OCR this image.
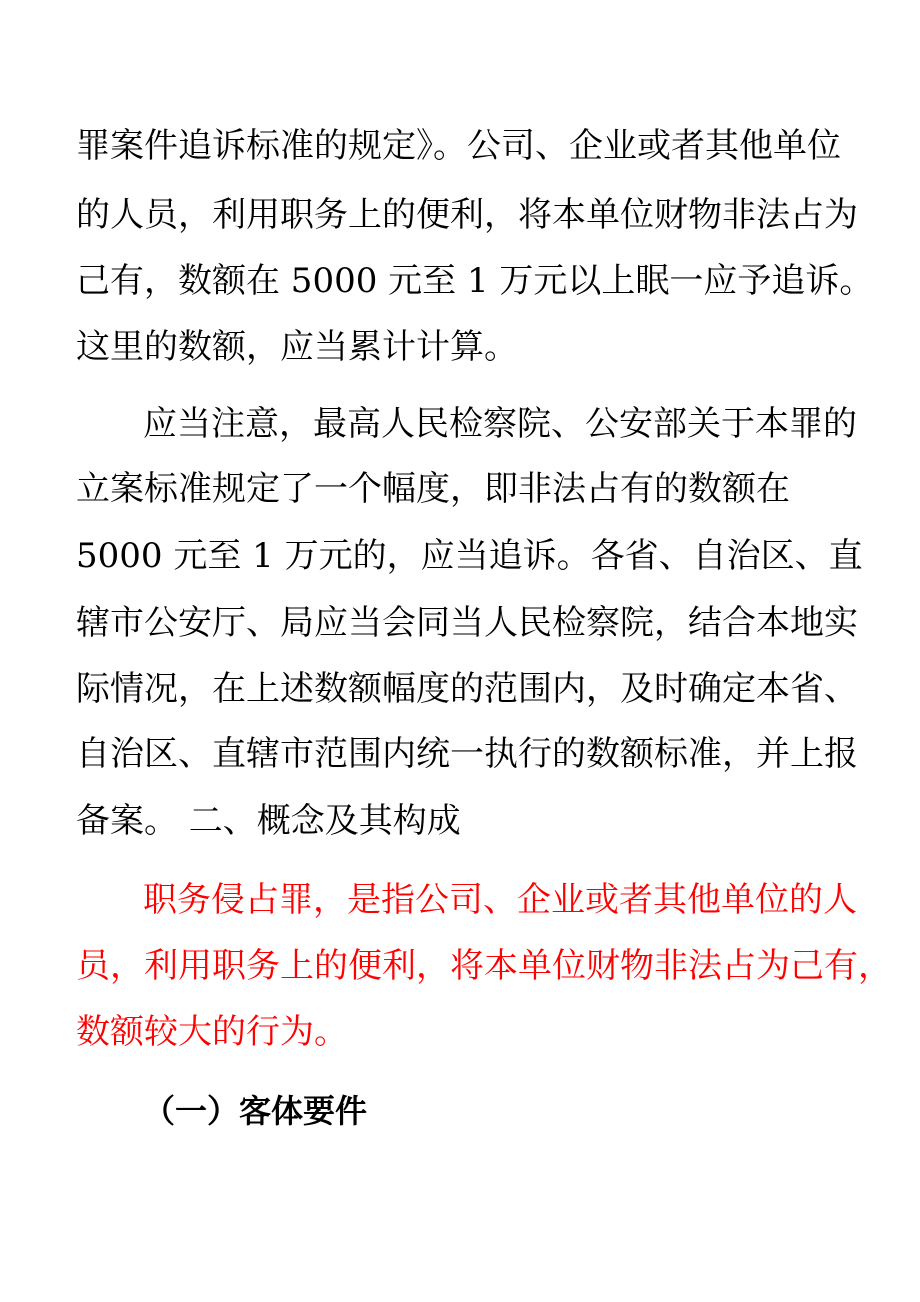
罪案件追诉标准的规定》。公司、企业或者其他单位
的人员，利用职务上的便利，将本单位财物非法占为
己有，数额在 5000 元至 1 万元以上眠一应予追诉。
这里的数额，应当累计计算。
应当注意，最高人民检察院、公安部关于本罪的
立案标准规定了一个幅度，即非法占有的数额在
5000 元至 1 万元的，应当追诉。各省、自治区、直
辖市公安厅、局应当会同当人民检察院，结合本地实
际情况，在上述数额幅度的范围内，及时确定本省、
自治区、直辖市范围内统一执行的数额标准，并上报
备案。 二、概念及其构成
职务侵占罪，是指公司、企业或者其他单位的人
员，利用职务上的便利，将本单位财物非法占为己有，
数额较大的行为。
（一）客体要件
